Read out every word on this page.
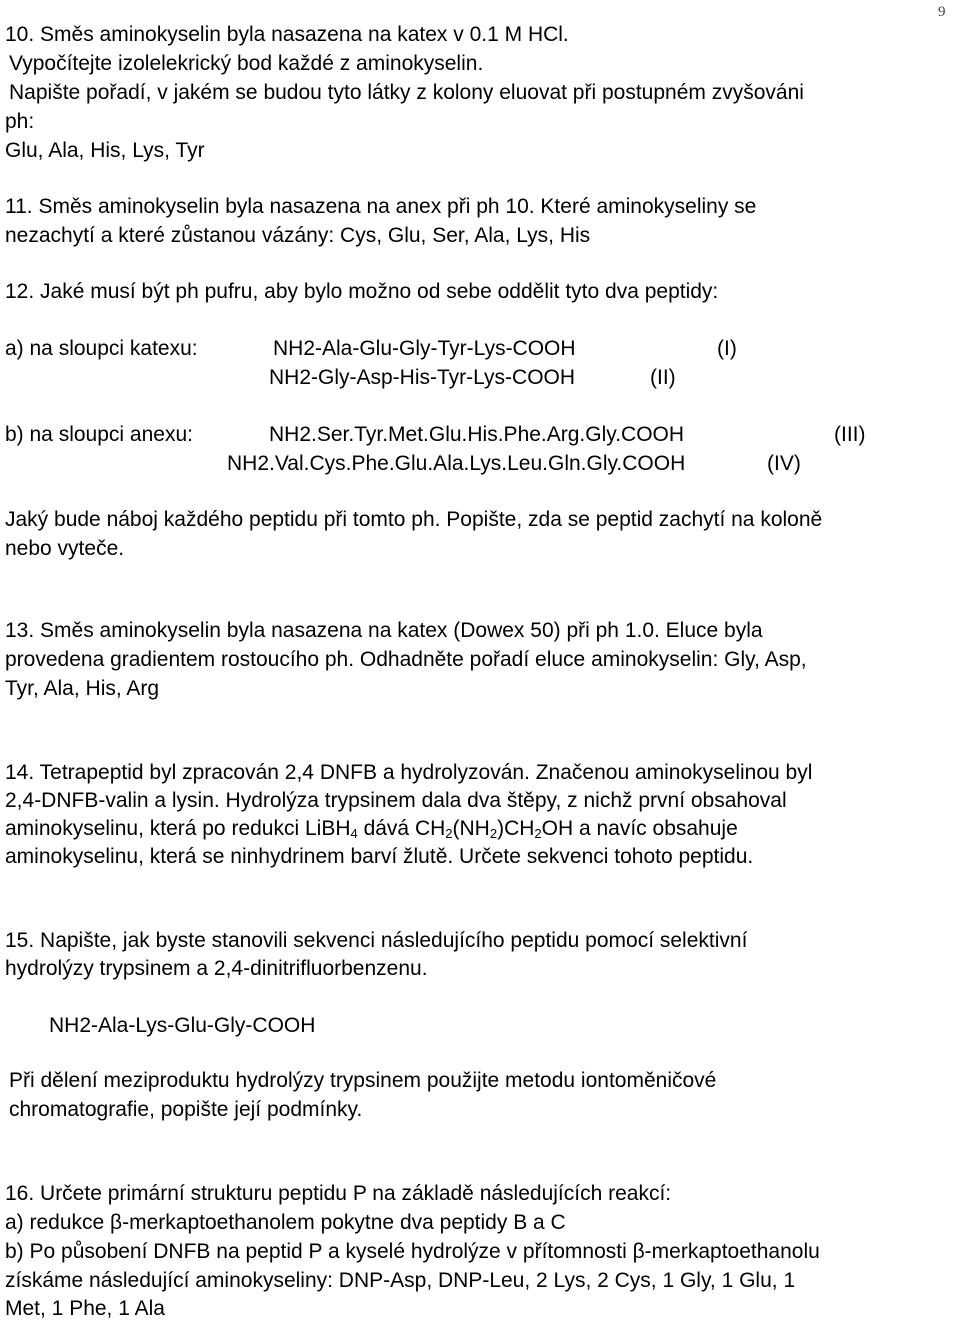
9
10. Směs aminokyselin byla nasazena na katex v 0.1 M HCl.
Vypočítejte izolelekrický bod každé z aminokyselin.
Napište pořadí, v jakém se budou tyto látky z kolony eluovat při postupném zvyšováni
ph:
Glu, Ala, His, Lys, Tyr
11. Směs aminokyselin byla nasazena na anex při ph 10. Které aminokyseliny se
nezachytí a které zůstanou vázány: Cys, Glu, Ser, Ala, Lys, His
12. Jaké musí být ph pufru, aby bylo možno od sebe oddělit tyto dva peptidy:
a) na sloupci katexu:	NH2-Ala-Glu-Gly-Tyr-Lys-COOH	(I)
NH2-Gly-Asp-His-Tyr-Lys-COOH	(II)
b) na sloupci anexu:	NH2.Ser.Tyr.Met.Glu.His.Phe.Arg.Gly.COOH	(III)
NH2.Val.Cys.Phe.Glu.Ala.Lys.Leu.Gln.Gly.COOH	(IV)
Jaký bude náboj každého peptidu při tomto ph. Popište, zda se peptid zachytí na koloně
nebo vyteče.
13. Směs aminokyselin byla nasazena na katex (Dowex 50) při ph 1.0. Eluce byla
provedena gradientem rostoucího ph. Odhadněte pořadí eluce aminokyselin: Gly, Asp,
Tyr, Ala, His, Arg
14. Tetrapeptid byl zpracován 2,4 DNFB a hydrolyzován. Značenou aminokyselinou byl
2,4-DNFB-valin a lysin. Hydrolýza trypsinem dala dva štěpy, z nichž první obsahoval
aminokyselinu, která po redukci LiBH$_4$ dává $CH_2(NH_2)CH_2OH$ a navíc obsahuje
aminokyselinu, která se ninhydrinem barví žlutě. Určete sekvenci tohoto peptidu.
15. Napište, jak byste stanovili sekvenci následujícího peptidu pomocí selektivní
hydrolýzy trypsinem a 2,4-dinitrifluorbenzenu.
NH2-Ala-Lys-Glu-Gly-COOH
Při dělení meziproduktu hydrolýzy trypsinem použijte metodu iontoměničové
chromatografie, popište její podmínky.
16. Určete primární strukturu peptidu P na základě následujících reakcí:
a) redukce β-merkaptoethanolem pokytne dva peptidy B a C
b) Po působení DNFB na peptid P a kyselé hydrolýze v přítomnosti β-merkaptoethanolu
získáme následující aminokyseliny: DNP-Asp, DNP-Leu, 2 Lys, 2 Cys, 1 Gly, 1 Glu, 1
Met, 1 Phe, 1 Ala
